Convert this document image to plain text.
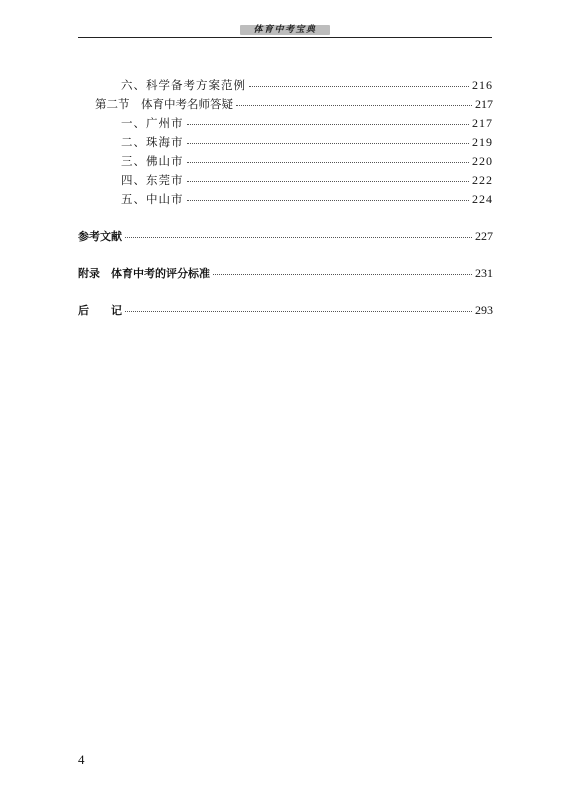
体育中考宝典
六、科学备考方案范例	216
第二节　体育中考名师答疑	217
一、广州市	217
二、珠海市	219
三、佛山市	220
四、东莞市	222
五、中山市	224
参考文献	227
附录　体育中考的评分标准	231
后　　记	293
4
